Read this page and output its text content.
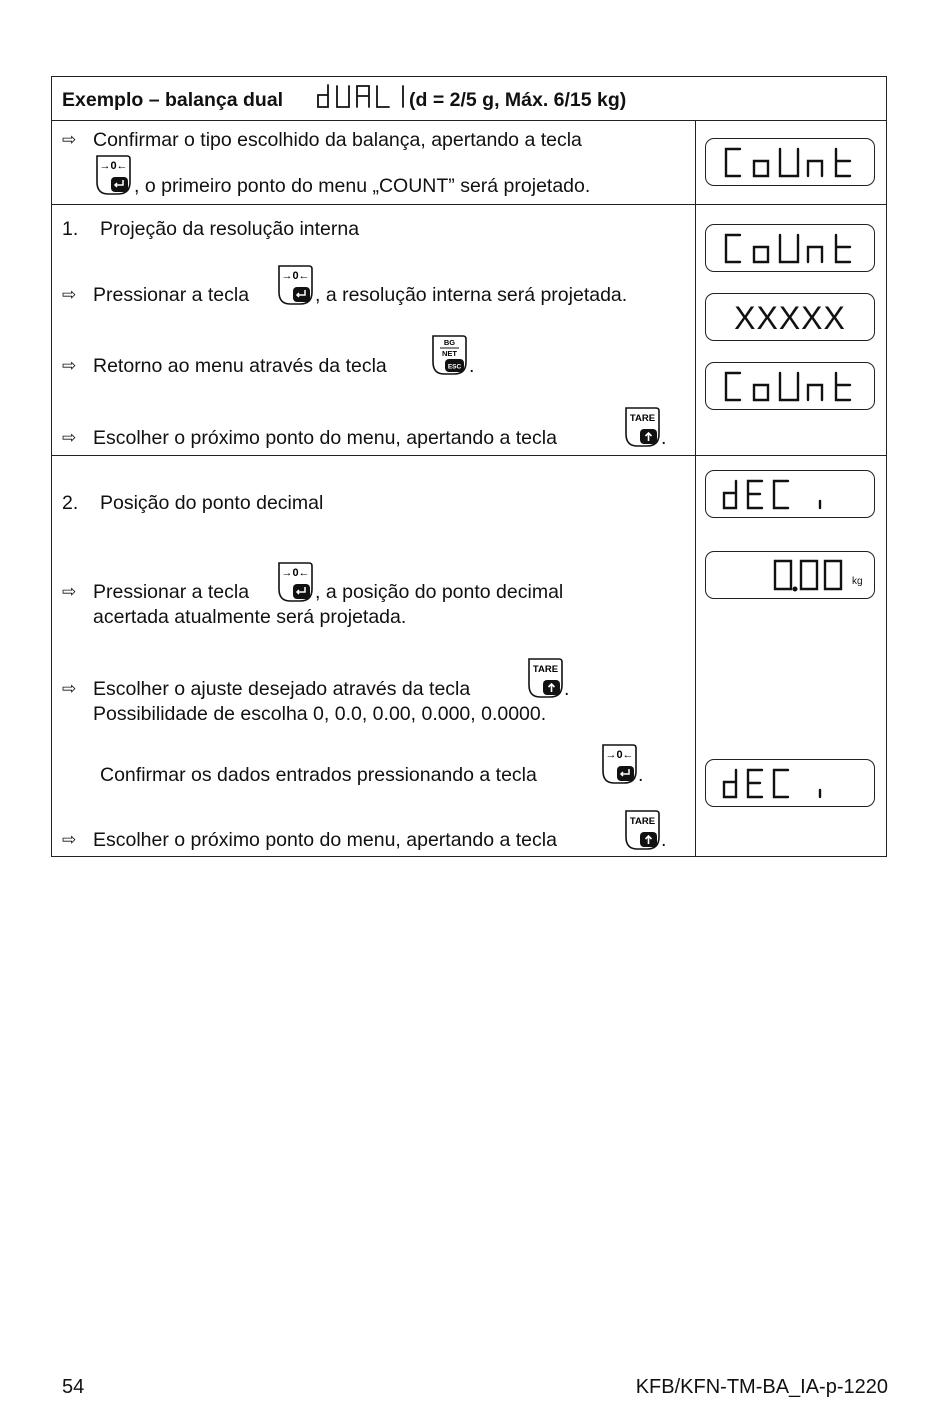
Exemplo – balança dual	(d = 2/5 g, Máx. 6/15 kg)
⇨ Confirmar o tipo escolhido da balança, apertando a tecla
, o primeiro ponto do menu „COUNT” será projetado.
1. Projeção da resolução interna
⇨ Pressionar a tecla	, a resolução interna será projetada.
⇨ Retorno ao menu através da tecla	.
⇨ Escolher o próximo ponto do menu, apertando a tecla	.
XXXXX
2. Posição do ponto decimal
⇨ Pressionar a tecla	, a posição do ponto decimal
acertada atualmente será projetada.
⇨ Escolher o ajuste desejado através da tecla	.
Possibilidade de escolha 0, 0.0, 0.00, 0.000, 0.0000.
Confirmar os dados entrados pressionando a tecla	.
⇨ Escolher o próximo ponto do menu, apertando a tecla	.
kg
54	KFB/KFN-TM-BA_IA-p-1220
